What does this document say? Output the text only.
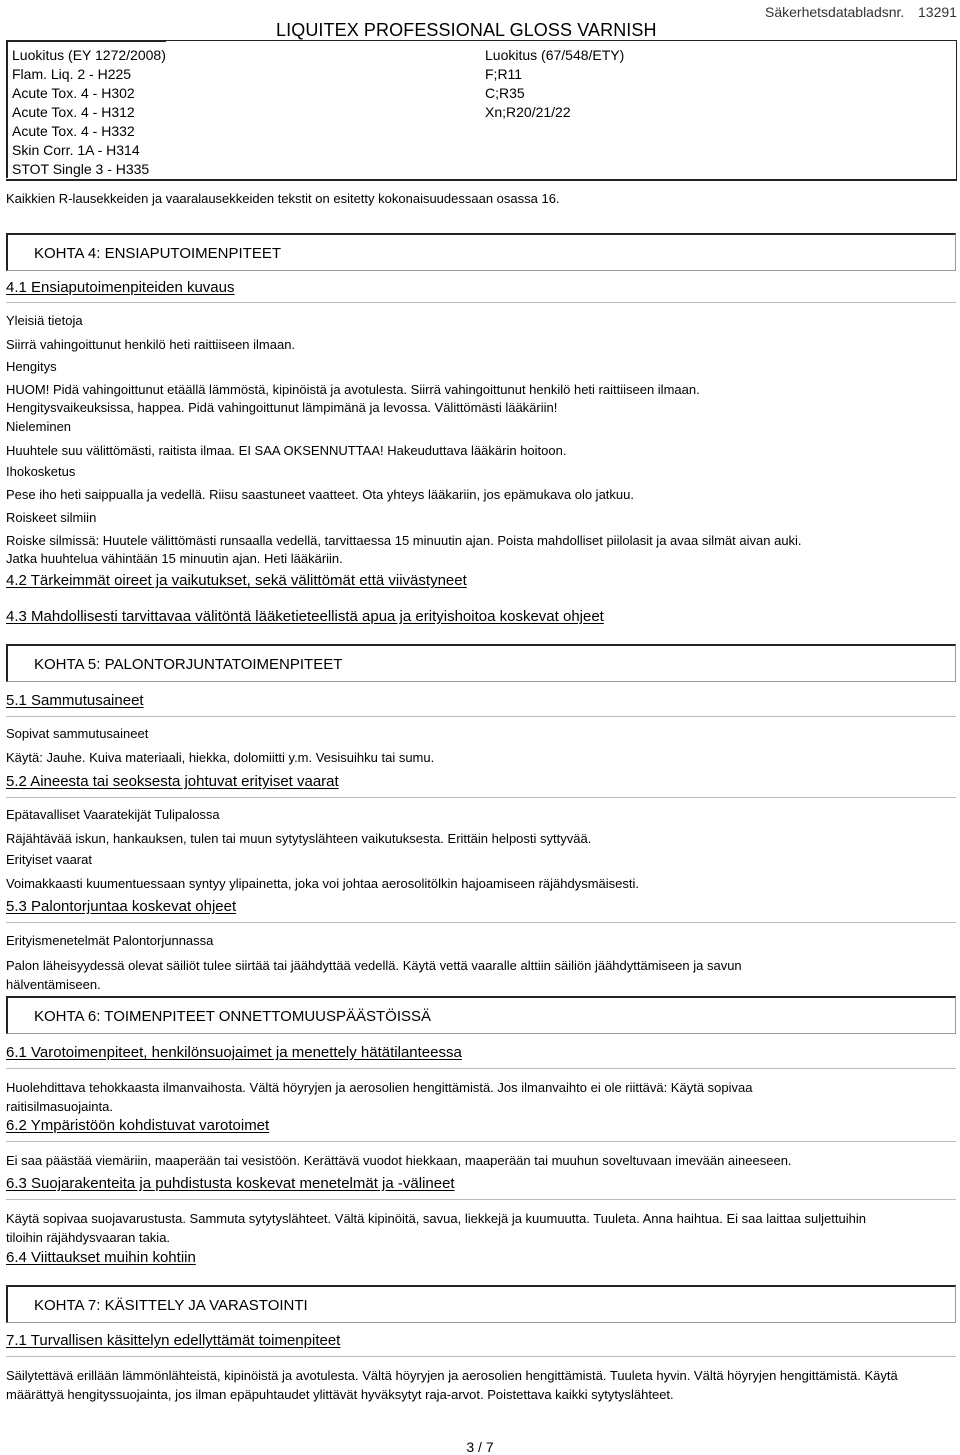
LIQUITEX PROFESSIONAL GLOSS VARNISH
Säkerhetsdatabladsnr. 13291
Luokitus (EY 1272/2008)
Flam. Liq. 2 - H225
Acute Tox. 4 - H302
Acute Tox. 4 - H312
Acute Tox. 4 - H332
Skin Corr. 1A - H314
STOT Single 3 - H335
Luokitus (67/548/ETY)
F;R11
C;R35
Xn;R20/21/22
Kaikkien R-lausekkeiden ja vaaralausekkeiden tekstit on esitetty kokonaisuudessaan osassa 16.
KOHTA 4: ENSIAPUTOIMENPITEET
4.1 Ensiaputoimenpiteiden kuvaus
Yleisiä tietoja
Siirrä vahingoittunut henkilö heti raittiiseen ilmaan.
Hengitys
HUOM! Pidä vahingoittunut etäällä lämmöstä, kipinöistä ja avotulesta. Siirrä vahingoittunut henkilö heti raittiiseen ilmaan.
Hengitysvaikeuksissa, happea. Pidä vahingoittunut lämpimänä ja levossa. Välittömästi lääkäriin!
Nieleminen
Huuhtele suu välittömästi, raitista ilmaa. EI SAA OKSENNUTTAA! Hakeuduttava lääkärin hoitoon.
Ihokosketus
Pese iho heti saippualla ja vedellä. Riisu saastuneet vaatteet. Ota yhteys lääkariin, jos epämukava olo jatkuu.
Roiskeet silmiin
Roiske silmissä: Huutele välittömästi runsaalla vedellä, tarvittaessa 15 minuutin ajan. Poista mahdolliset piilolasit ja avaa silmät aivan auki.
Jatka huuhtelua vähintään 15 minuutin ajan. Heti lääkäriin.
4.2 Tärkeimmät oireet ja vaikutukset, sekä välittömät että viivästyneet
4.3 Mahdollisesti tarvittavaa välitöntä lääketieteellistä apua ja erityishoitoa koskevat ohjeet
KOHTA 5: PALONTORJUNTATOIMENPITEET
5.1 Sammutusaineet
Sopivat sammutusaineet
Käytä: Jauhe. Kuiva materiaali, hiekka, dolomiitti y.m. Vesisuihku tai sumu.
5.2 Aineesta tai seoksesta johtuvat erityiset vaarat
Epätavalliset Vaaratekijät Tulipalossa
Räjähtävää iskun, hankauksen, tulen tai muun sytytyslähteen vaikutuksesta. Erittäin helposti syttyvää.
Erityiset vaarat
Voimakkaasti kuumentuessaan syntyy ylipainetta, joka voi johtaa aerosolitölkin hajoamiseen räjähdysmäisesti.
5.3 Palontorjuntaa koskevat ohjeet
Erityismenetelmät Palontorjunnassa
Palon läheisyydessä olevat säiliöt tulee siirtää tai jäähdyttää vedellä. Käytä vettä vaaralle alttiin säiliön jäähdyttämiseen ja savun hälventämiseen.
KOHTA 6: TOIMENPITEET ONNETTOMUUSPÄÄSTÖISSÄ
6.1 Varotoimenpiteet, henkilönsuojaimet ja menettely hätätilanteessa
Huolehdittava tehokkaasta ilmanvaihosta. Vältä höyryjen ja aerosolien hengittämistä. Jos ilmanvaihto ei ole riittävä: Käytä sopivaa raitisilmasuojainta.
6.2 Ympäristöön kohdistuvat varotoimet
Ei saa päästää viemäriin, maaperään tai vesistöön. Kerättävä vuodot hiekkaan, maaperään tai muuhun soveltuvaan imevään aineeseen.
6.3 Suojarakenteita ja puhdistusta koskevat menetelmät ja -välineet
Käytä sopivaa suojavarustusta. Sammuta sytytyslähteet. Vältä kipinöitä, savua, liekkejä ja kuumuutta. Tuuleta. Anna haihtua. Ei saa laittaa suljettuihin tiloihin räjähdysvaaran takia.
6.4 Viittaukset muihin kohtiin
KOHTA 7: KÄSITTELY JA VARASTOINTI
7.1 Turvallisen käsittelyn edellyttämät toimenpiteet
Säilytettävä erillään lämmönlähteistä, kipinöistä ja avotulesta. Vältä höyryjen ja aerosolien hengittämistä. Tuuleta hyvin. Vältä höyryjen hengittämistä. Käytä määrättyä hengityssuojainta, jos ilman epäpuhtaudet ylittävät hyväksytyt raja-arvot. Poistettava kaikki sytytyslähteet.
3 / 7
